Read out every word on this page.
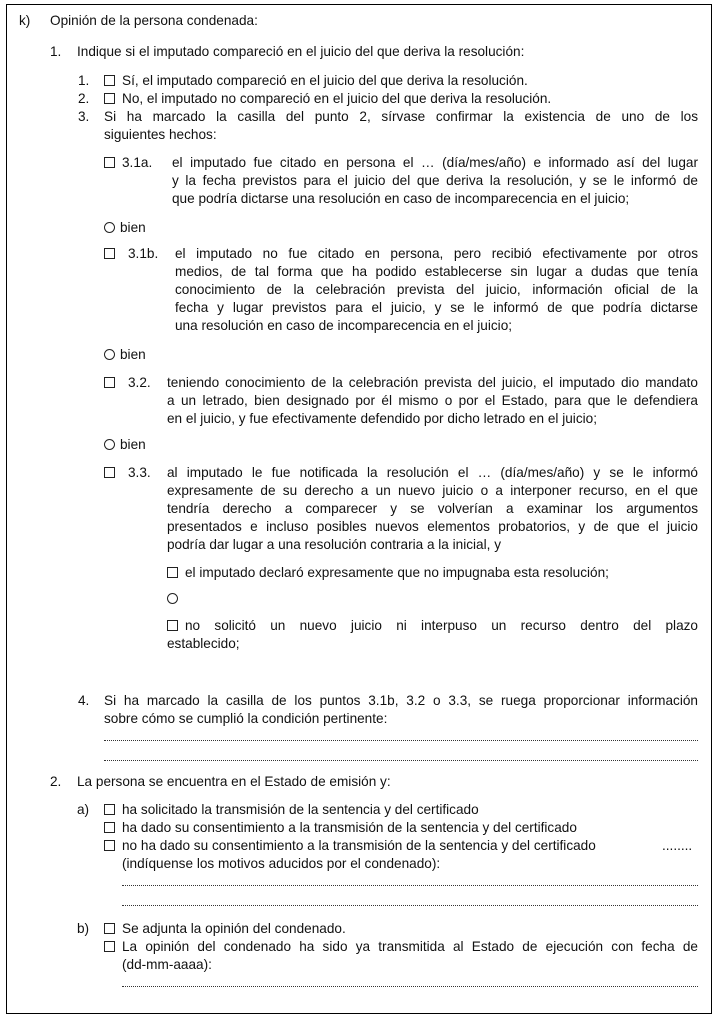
k) Opinión de la persona condenada:
1. Indique si el imputado compareció en el juicio del que deriva la resolución:
1.	Sí, el imputado compareció en el juicio del que deriva la resolución.
2.	No, el imputado no compareció en el juicio del que deriva la resolución.
3. Si ha marcado la casilla del punto 2, sírvase confirmar la existencia de uno de los
siguientes hechos:
3.1a. el imputado fue citado en persona el … (día/mes/año) e informado así del lugar
y la fecha previstos para el juicio del que deriva la resolución, y se le informó de
que podría dictarse una resolución en caso de incomparecencia en el juicio;
bien
3.1b. el imputado no fue citado en persona, pero recibió efectivamente por otros
medios, de tal forma que ha podido establecerse sin lugar a dudas que tenía
conocimiento de la celebración prevista del juicio, información oficial de la
fecha y lugar previstos para el juicio, y se le informó de que podría dictarse
una resolución en caso de incomparecencia en el juicio;
bien
3.2. teniendo conocimiento de la celebración prevista del juicio, el imputado dio mandato
a un letrado, bien designado por él mismo o por el Estado, para que le defendiera
en el juicio, y fue efectivamente defendido por dicho letrado en el juicio;
bien
3.3. al imputado le fue notificada la resolución el … (día/mes/año) y se le informó
expresamente de su derecho a un nuevo juicio o a interponer recurso, en el que
tendría derecho a comparecer y se volverían a examinar los argumentos
presentados e incluso posibles nuevos elementos probatorios, y de que el juicio
podría dar lugar a una resolución contraria a la inicial, y
el imputado declaró expresamente que no impugnaba esta resolución;
no solicitó un nuevo juicio ni interpuso un recurso dentro del plazo
establecido;
4. Si ha marcado la casilla de los puntos 3.1b, 3.2 o 3.3, se ruega proporcionar información
sobre cómo se cumplió la condición pertinente:
2. La persona se encuentra en el Estado de emisión y:
a)	ha solicitado la transmisión de la sentencia y del certificado
ha dado su consentimiento a la transmisión de la sentencia y del certificado
no ha dado su consentimiento a la transmisión de la sentencia y del certificado	........
(indíquense los motivos aducidos por el condenado):
b)	Se adjunta la opinión del condenado.
La opinión del condenado ha sido ya transmitida al Estado de ejecución con fecha de
(dd-mm-aaaa):
